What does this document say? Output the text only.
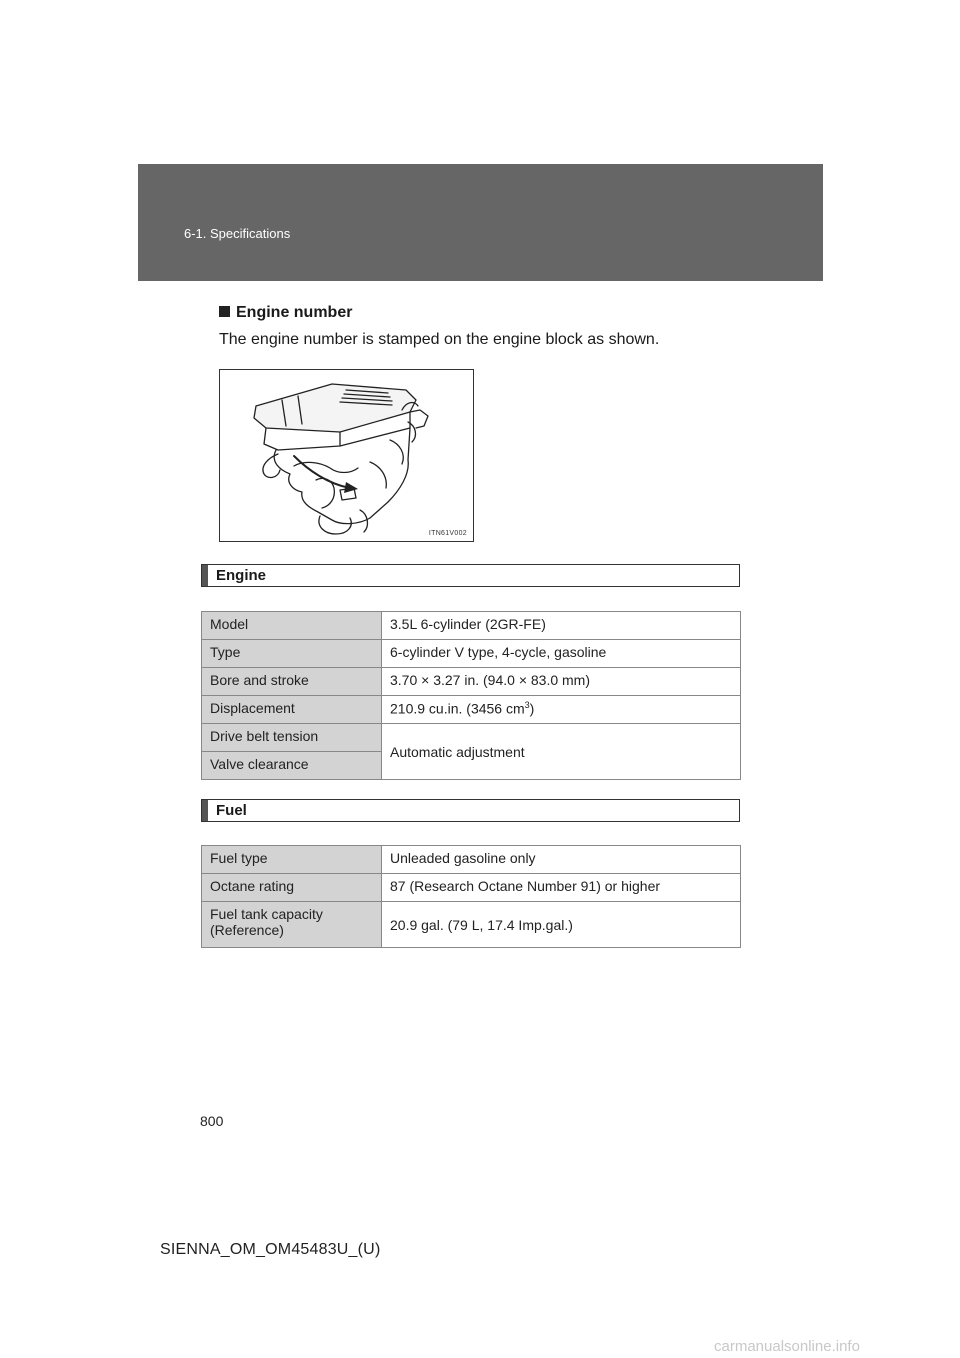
6-1. Specifications
Engine number
The engine number is stamped on the engine block as shown.
ITN61V002
Engine
Model	3.5L 6-cylinder (2GR-FE)
Type	6-cylinder V type, 4-cycle, gasoline
Bore and stroke	3.70 × 3.27 in. (94.0 × 83.0 mm)
Displacement	210.9 cu.in. (3456 $cm^3$)
Drive belt tension	Automatic adjustment
Valve clearance	
Fuel
Fuel type	Unleaded gasoline only
Octane rating	87 (Research Octane Number 91) or higher
Fuel tank capacity
(Reference)	20.9 gal. (79 L, 17.4 Imp.gal.)
800
SIENNA_OM_OM45483U_(U)
carmanualsonline.info
